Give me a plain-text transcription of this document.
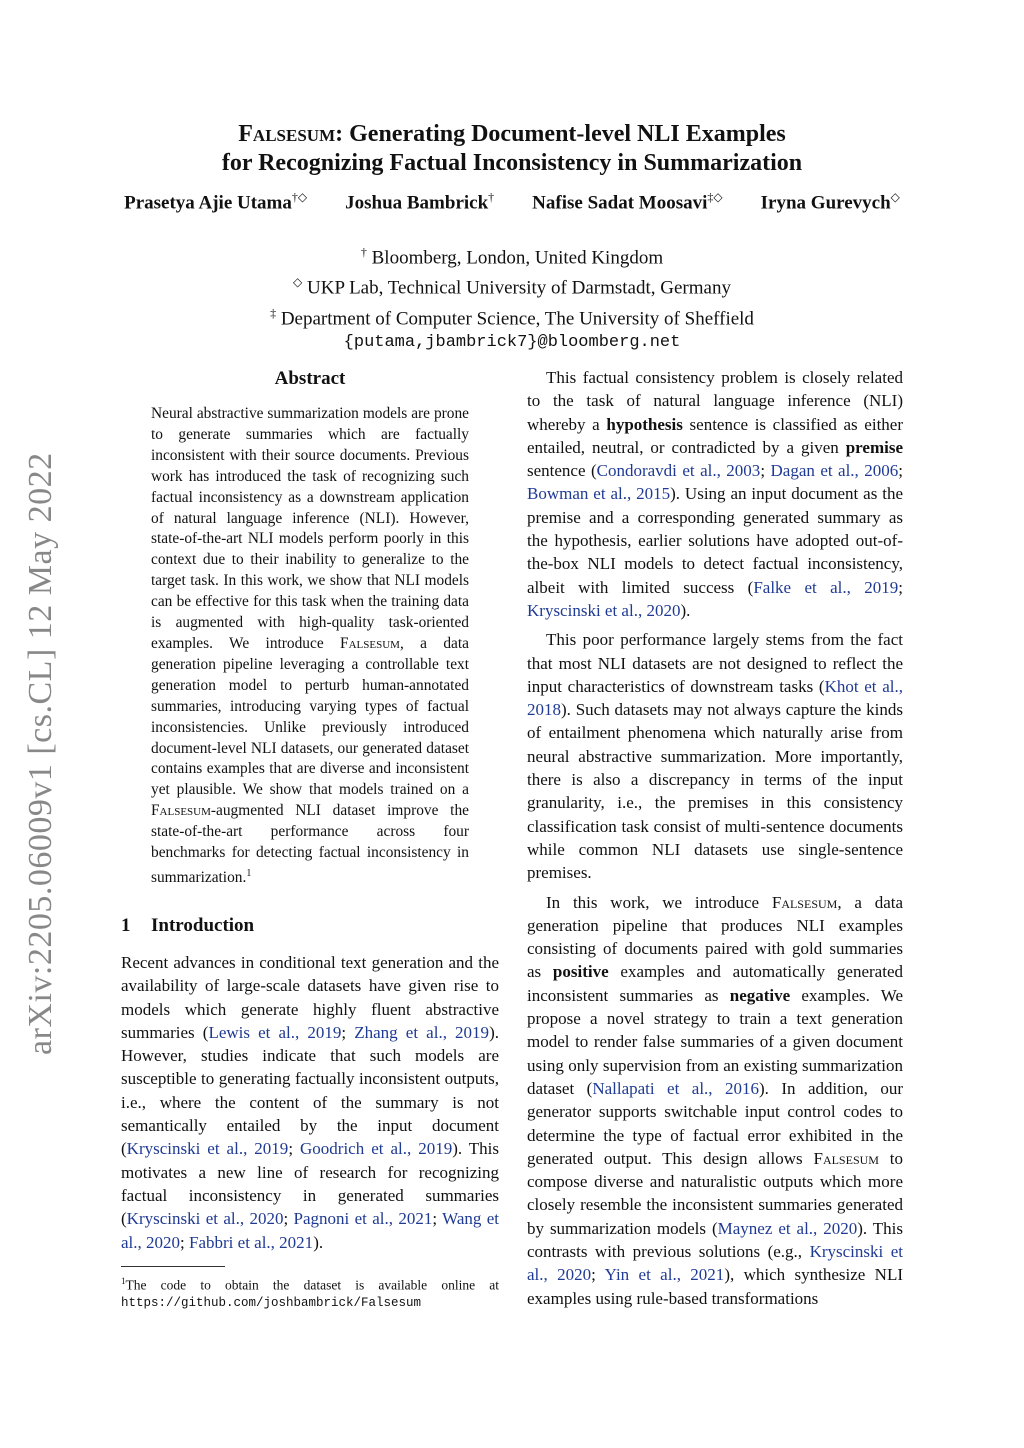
arXiv:2205.06009v1 [cs.CL] 12 May 2022
Falsesum: Generating Document-level NLI Examples
for Recognizing Factual Inconsistency in Summarization
Prasetya Ajie Utama†◇ Joshua Bambrick† Nafise Sadat Moosavi‡◇ Iryna Gurevych◇
† Bloomberg, London, United Kingdom
◇ UKP Lab, Technical University of Darmstadt, Germany
‡ Department of Computer Science, The University of Sheffield
{putama,jbambrick7}@bloomberg.net
Abstract

Neural abstractive summarization models are prone to generate summaries which are factually inconsistent with their source documents. Previous work has introduced the task of recognizing such factual inconsistency as a downstream application of natural language inference (NLI). However, state-of-the-art NLI models perform poorly in this context due to their inability to generalize to the target task. In this work, we show that NLI models can be effective for this task when the training data is augmented with high-quality task-oriented examples. We introduce Falsesum, a data generation pipeline leveraging a controllable text generation model to perturb human-annotated summaries, introducing varying types of factual inconsistencies. Unlike previously introduced document-level NLI datasets, our generated dataset contains examples that are diverse and inconsistent yet plausible. We show that models trained on a Falsesum-augmented NLI dataset improve the state-of-the-art performance across four benchmarks for detecting factual inconsistency in summarization.$^1$

1 Introduction

Recent advances in conditional text generation and the availability of large-scale datasets have given rise to models which generate highly fluent abstractive summaries (Lewis et al., 2019; Zhang et al., 2019). However, studies indicate that such models are susceptible to generating factually inconsistent outputs, i.e., where the content of the summary is not semantically entailed by the input document (Kryscinski et al., 2019; Goodrich et al., 2019). This motivates a new line of research for recognizing factual inconsistency in generated summaries (Kryscinski et al., 2020; Pagnoni et al., 2021; Wang et al., 2020; Fabbri et al., 2021).

$^1$The code to obtain the dataset is available online at https://github.com/joshbambrick/Falsesum

This factual consistency problem is closely related to the task of natural language inference (NLI) whereby a hypothesis sentence is classified as either entailed, neutral, or contradicted by a given premise sentence (Condoravdi et al., 2003; Dagan et al., 2006; Bowman et al., 2015). Using an input document as the premise and a corresponding generated summary as the hypothesis, earlier solutions have adopted out-of-the-box NLI models to detect factual inconsistency, albeit with limited success (Falke et al., 2019; Kryscinski et al., 2020).

This poor performance largely stems from the fact that most NLI datasets are not designed to reflect the input characteristics of downstream tasks (Khot et al., 2018). Such datasets may not always capture the kinds of entailment phenomena which naturally arise from neural abstractive summarization. More importantly, there is also a discrepancy in terms of the input granularity, i.e., the premises in this consistency classification task consist of multi-sentence documents while common NLI datasets use single-sentence premises.

In this work, we introduce Falsesum, a data generation pipeline that produces NLI examples consisting of documents paired with gold summaries as positive examples and automatically generated inconsistent summaries as negative examples. We propose a novel strategy to train a text generation model to render false summaries of a given document using only supervision from an existing summarization dataset (Nallapati et al., 2016). In addition, our generator supports switchable input control codes to determine the type of factual error exhibited in the generated output. This design allows Falsesum to compose diverse and naturalistic outputs which more closely resemble the inconsistent summaries generated by summarization models (Maynez et al., 2020). This contrasts with previous solutions (e.g., Kryscinski et al., 2020; Yin et al., 2021), which synthesize NLI examples using rule-based transformations
